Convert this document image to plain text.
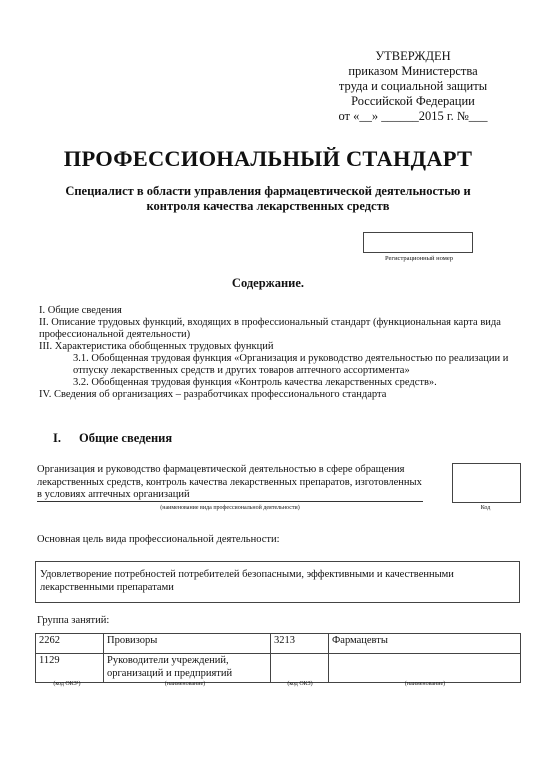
УТВЕРЖДЕН
приказом Министерства
труда и социальной защиты
Российской Федерации
от «__» ______2015 г. №___
ПРОФЕССИОНАЛЬНЫЙ СТАНДАРТ
Специалист в области управления фармацевтической деятельностью и контроля качества лекарственных средств
Регистрационный номер
Содержание.
I. Общие сведения
II. Описание трудовых функций, входящих в профессиональный стандарт (функциональная карта вида профессиональной деятельности)
III. Характеристика обобщенных трудовых функций
3.1. Обобщенная трудовая функция «Организация и руководство деятельностью по реализации и отпуску лекарственных средств и других товаров аптечного ассортимента»
3.2. Обобщенная трудовая функция «Контроль качества лекарственных средств».
IV. Сведения об организациях – разработчиках профессионального стандарта
I. Общие сведения
Организация и руководство фармацевтической деятельностью в сфере обращения лекарственных средств, контроль качества лекарственных препаратов, изготовленных в условиях аптечных организаций
(наименование вида профессиональной деятельности)	Код
Основная цель вида профессиональной деятельности:
Удовлетворение потребностей потребителей безопасными, эффективными и качественными лекарственными препаратами
Группа занятий:
2262	Провизоры	3213	Фармацевты
1129	Руководители учреждений, организаций и предприятий		
(код ОКЗ¹)	(наименование)	(код ОКЗ)	(наименование)
